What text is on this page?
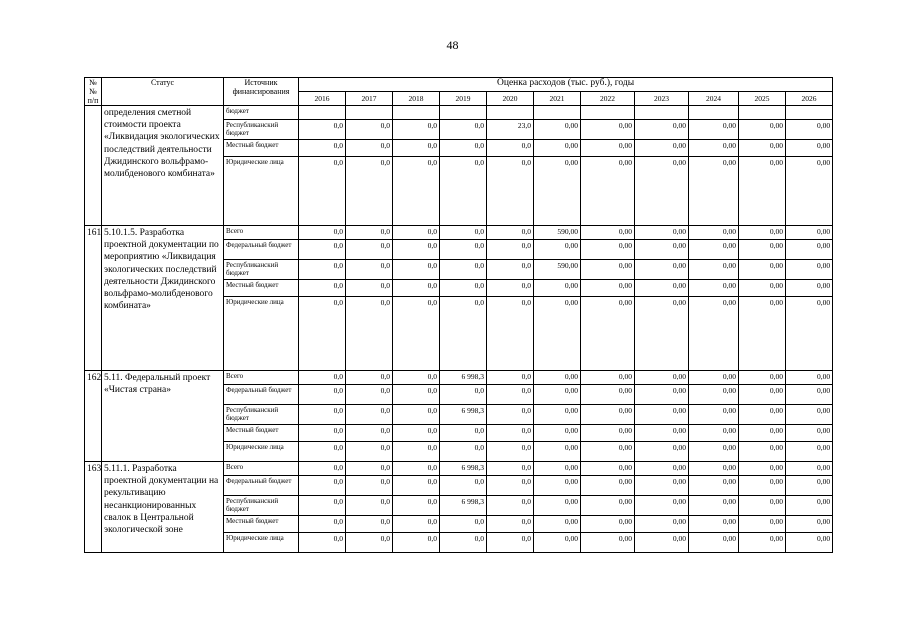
48
№ № п/п	Статус	Источник финансирования	Оценка расходов (тыс. руб.), годы										
			2016	2017	2018	2019	2020	2021	2022	2023	2024	2025	2026
	определения сметной стоимости проекта «Ликвидация экологических последствий деятельности Джидинского вольфрамо-молибденового комбината»	бюджет											
		Республиканский бюджет	0,0	0,0	0,0	0,0	23,0	0,00	0,00	0,00	0,00	0,00	0,00
		Местный бюджет	0,0	0,0	0,0	0,0	0,0	0,00	0,00	0,00	0,00	0,00	0,00
		Юридические лица	0,0	0,0	0,0	0,0	0,0	0,00	0,00	0,00	0,00	0,00	0,00
161	5.10.1.5. Разработка проектной документации по мероприятию «Ликвидация экологических последствий деятельности Джидинского вольфрамо-молибденового комбината»	Всего	0,0	0,0	0,0	0,0	0,0	590,00	0,00	0,00	0,00	0,00	0,00
		Федеральный бюджет	0,0	0,0	0,0	0,0	0,0	0,00	0,00	0,00	0,00	0,00	0,00
		Республиканский бюджет	0,0	0,0	0,0	0,0	0,0	590,00	0,00	0,00	0,00	0,00	0,00
		Местный бюджет	0,0	0,0	0,0	0,0	0,0	0,00	0,00	0,00	0,00	0,00	0,00
		Юридические лица	0,0	0,0	0,0	0,0	0,0	0,00	0,00	0,00	0,00	0,00	0,00
162	5.11. Федеральный проект «Чистая страна»	Всего	0,0	0,0	0,0	6 998,3	0,0	0,00	0,00	0,00	0,00	0,00	0,00
		Федеральный бюджет	0,0	0,0	0,0	0,0	0,0	0,00	0,00	0,00	0,00	0,00	0,00
		Республиканский бюджет	0,0	0,0	0,0	6 998,3	0,0	0,00	0,00	0,00	0,00	0,00	0,00
		Местный бюджет	0,0	0,0	0,0	0,0	0,0	0,00	0,00	0,00	0,00	0,00	0,00
		Юридические лица	0,0	0,0	0,0	0,0	0,0	0,00	0,00	0,00	0,00	0,00	0,00
163	5.11.1. Разработка проектной документации на рекультивацию несанкционированных свалок в Центральной экологической зоне	Всего	0,0	0,0	0,0	6 998,3	0,0	0,00	0,00	0,00	0,00	0,00	0,00
		Федеральный бюджет	0,0	0,0	0,0	0,0	0,0	0,00	0,00	0,00	0,00	0,00	0,00
		Республиканский бюджет	0,0	0,0	0,0	6 998,3	0,0	0,00	0,00	0,00	0,00	0,00	0,00
		Местный бюджет	0,0	0,0	0,0	0,0	0,0	0,00	0,00	0,00	0,00	0,00	0,00
		Юридические лица	0,0	0,0	0,0	0,0	0,0	0,00	0,00	0,00	0,00	0,00	0,00
